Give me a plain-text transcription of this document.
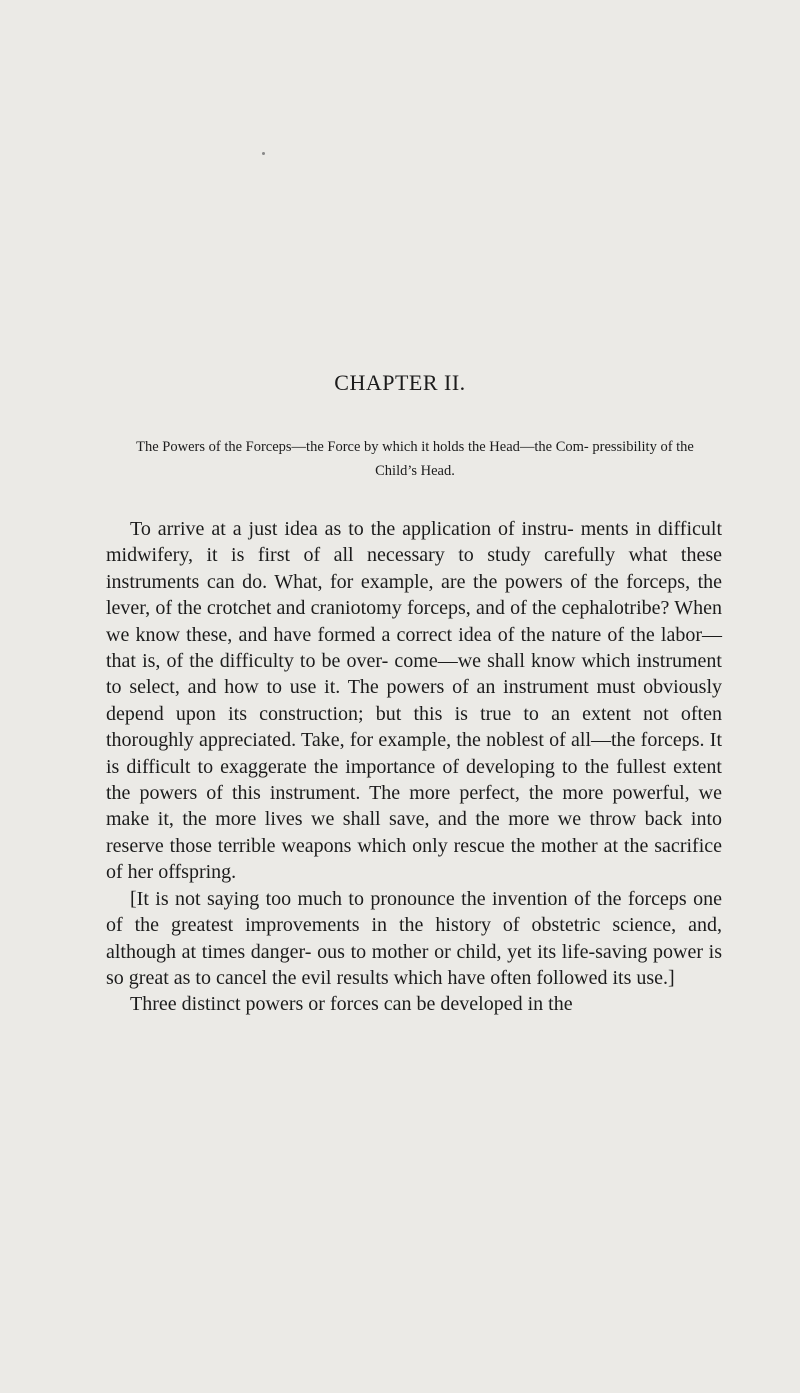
CHAPTER II.
The Powers of the Forceps—the Force by which it holds the Head—the Com- pressibility of the Child’s Head.

To arrive at a just idea as to the application of instru- ments in difficult midwifery, it is first of all necessary to study carefully what these instruments can do. What, for example, are the powers of the forceps, the lever, of the crotchet and craniotomy forceps, and of the cephalotribe? When we know these, and have formed a correct idea of the nature of the labor—that is, of the difficulty to be over- come—we shall know which instrument to select, and how to use it. The powers of an instrument must obviously depend upon its construction; but this is true to an extent not often thoroughly appreciated. Take, for example, the noblest of all—the forceps. It is difficult to exaggerate the importance of developing to the fullest extent the powers of this instrument. The more perfect, the more powerful, we make it, the more lives we shall save, and the more we throw back into reserve those terrible weapons which only rescue the mother at the sacrifice of her offspring.

[It is not saying too much to pronounce the invention of the forceps one of the greatest improvements in the history of obstetric science, and, although at times danger- ous to mother or child, yet its life-saving power is so great as to cancel the evil results which have often followed its use.]

Three distinct powers or forces can be developed in the
